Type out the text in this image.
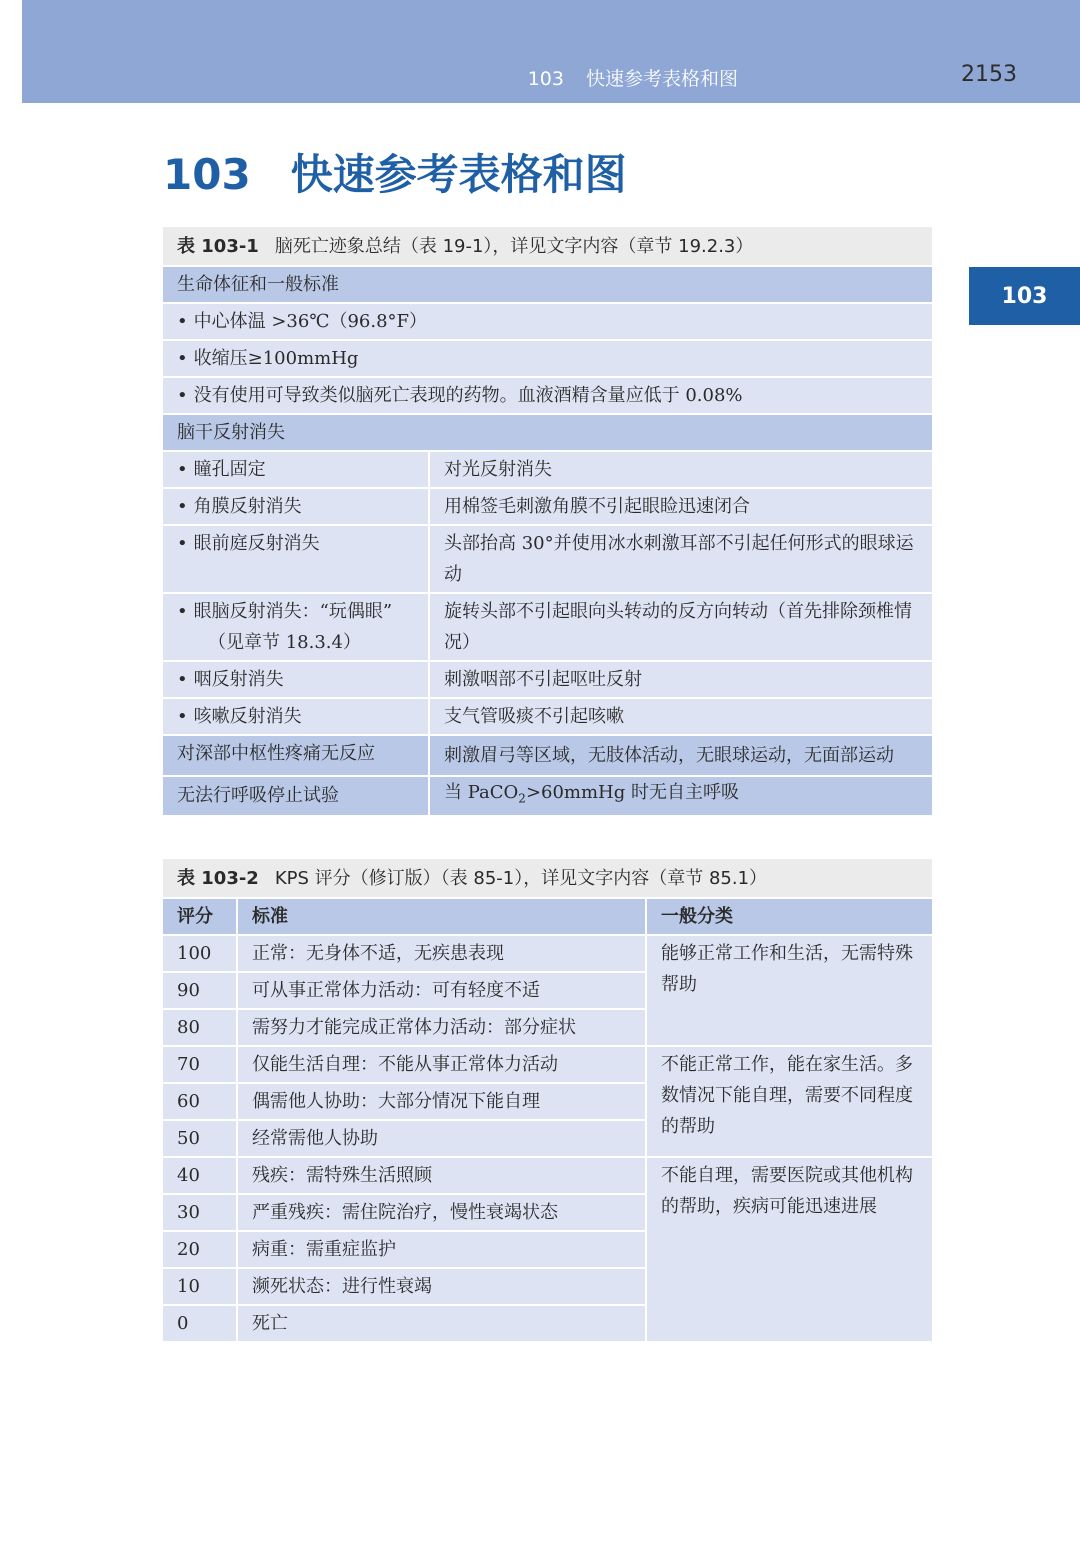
103 快速参考表格和图	2153
103 快速参考表格和图
103
表 103-1 脑死亡迹象总结（表 19-1），详见文字内容（章节 19.2.3）	
生命体征和一般标准	
• 中心体温 >36℃（96.8°F）
• 收缩压≥100mmHg
• 没有使用可导致类似脑死亡表现的药物。血液酒精含量应低于 0.08%
脑干反射消失	
• 瞳孔固定	对光反射消失
• 角膜反射消失	用棉签毛刺激角膜不引起眼睑迅速闭合
• 眼前庭反射消失	头部抬高 30°并使用冰水刺激耳部不引起任何形式的眼球运动
• 眼脑反射消失：“玩偶眼”
（见章节 18.3.4）	旋转头部不引起眼向头转动的反方向转动（首先排除颈椎情况）
• 咽反射消失	刺激咽部不引起呕吐反射
• 咳嗽反射消失	支气管吸痰不引起咳嗽
对深部中枢性疼痛无反应	刺激眉弓等区域，无肢体活动，无眼球运动，无面部运动
无法行呼吸停止试验	当 PaCO$_2$>60mmHg 时无自主呼吸
表 103-2 KPS 评分（修订版）（表 85-1），详见文字内容（章节 85.1）		
评分	标准	一般分类
100	正常：无身体不适，无疾患表现	能够正常工作和生活，无需特殊帮助
90	可从事正常体力活动：可有轻度不适	
80	需努力才能完成正常体力活动：部分症状	
70	仅能生活自理：不能从事正常体力活动	不能正常工作，能在家生活。多数情况下能自理，需要不同程度的帮助
60	偶需他人协助：大部分情况下能自理	
50	经常需他人协助	
40	残疾：需特殊生活照顾	不能自理，需要医院或其他机构的帮助，疾病可能迅速进展
30	严重残疾：需住院治疗，慢性衰竭状态	
20	病重：需重症监护	
10	濒死状态：进行性衰竭	
0	死亡	
